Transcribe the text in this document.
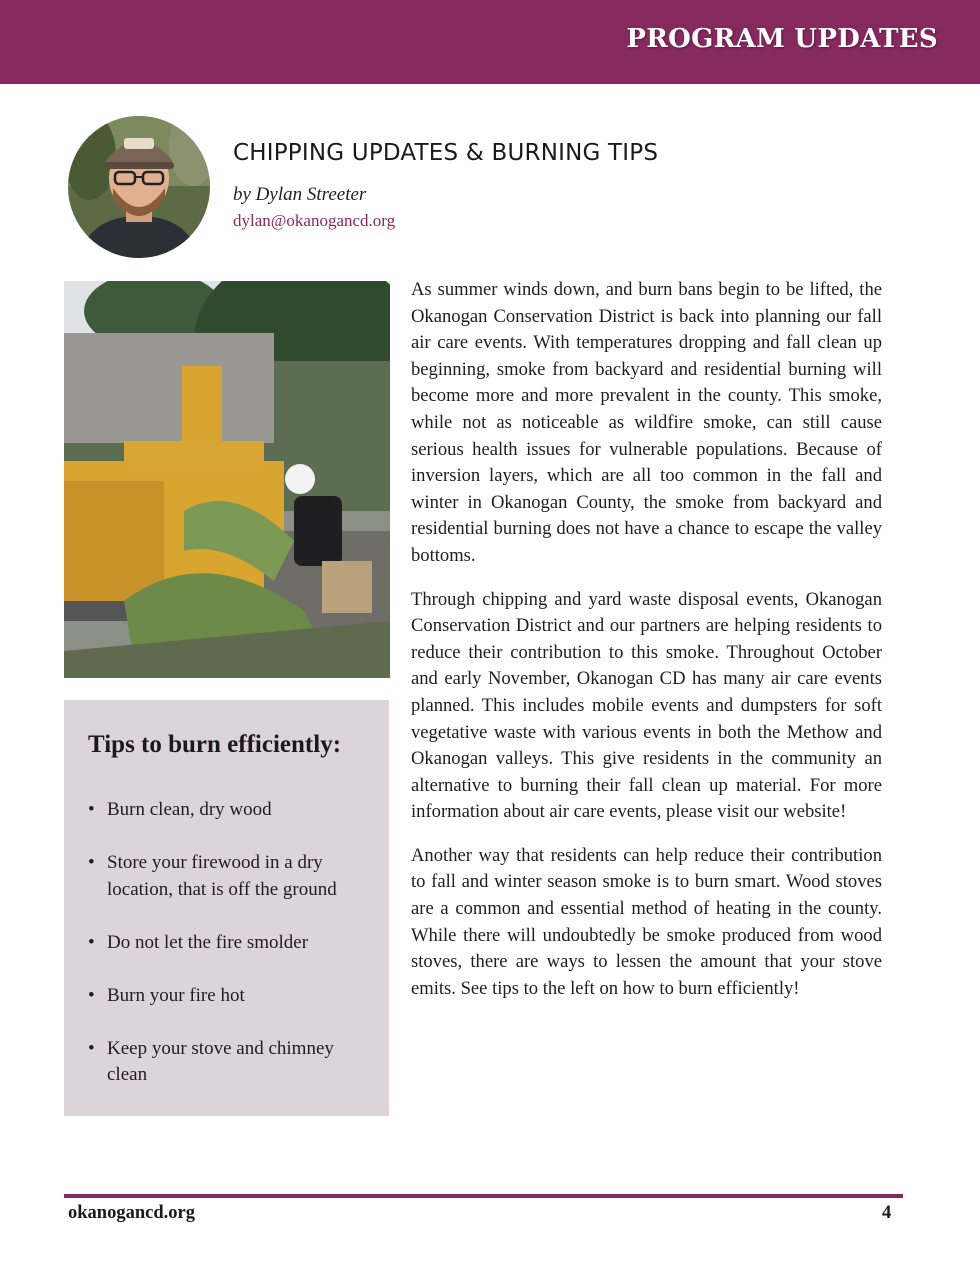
PROGRAM UPDATES
CHIPPING UPDATES & BURNING TIPS
by Dylan Streeter
dylan@okanogancd.org
Tips to burn efficiently:
• Burn clean, dry wood
• Store your firewood in a dry location, that is off the ground
• Do not let the fire smolder
• Burn your fire hot
• Keep your stove and chimney clean

As summer winds down, and burn bans begin to be lifted, the Okanogan Conservation District is back into planning our fall air care events. With temperatures dropping and fall clean up beginning, smoke from backyard and residential burning will become more and more prevalent in the county. This smoke, while not as noticeable as wildfire smoke, can still cause serious health issues for vulnerable populations. Because of inversion layers, which are all too common in the fall and winter in Okanogan County, the smoke from backyard and residential burning does not have a chance to escape the valley bottoms.

Through chipping and yard waste disposal events, Okanogan Conservation District and our partners are helping residents to reduce their contribution to this smoke. Throughout October and early November, Okanogan CD has many air care events planned. This includes mobile events and dumpsters for soft vegetative waste with various events in both the Methow and Okanogan valleys. This give residents in the community an alternative to burning their fall clean up material. For more information about air care events, please visit our website!

Another way that residents can help reduce their contribution to fall and winter season smoke is to burn smart. Wood stoves are a common and essential method of heating in the county. While there will undoubtedly be smoke produced from wood stoves, there are ways to lessen the amount that your stove emits. See tips to the left on how to burn efficiently!

okanogancd.org	4
